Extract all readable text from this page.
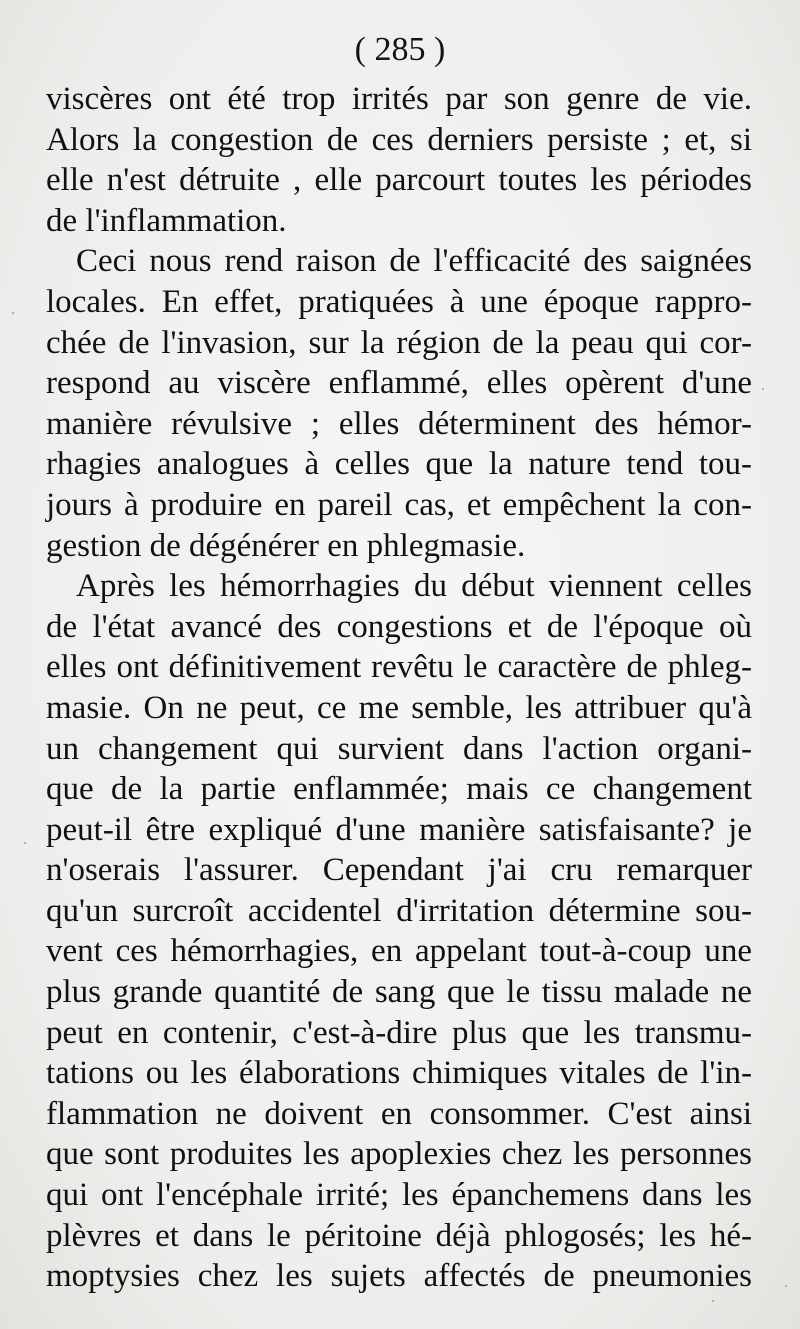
( 285 )
viscères ont été trop irrités par son genre de vie.
Alors la congestion de ces derniers persiste ; et, si
elle n'est détruite , elle parcourt toutes les périodes
de l'inflammation.
Ceci nous rend raison de l'efficacité des saignées
locales. En effet, pratiquées à une époque rappro-
chée de l'invasion, sur la région de la peau qui cor-
respond au viscère enflammé, elles opèrent d'une
manière révulsive ; elles déterminent des hémor-
rhagies analogues à celles que la nature tend tou-
jours à produire en pareil cas, et empêchent la con-
gestion de dégénérer en phlegmasie.
Après les hémorrhagies du début viennent celles
de l'état avancé des congestions et de l'époque où
elles ont définitivement revêtu le caractère de phleg-
masie. On ne peut, ce me semble, les attribuer qu'à
un changement qui survient dans l'action organi-
que de la partie enflammée; mais ce changement
peut-il être expliqué d'une manière satisfaisante? je
n'oserais l'assurer. Cependant j'ai cru remarquer
qu'un surcroît accidentel d'irritation détermine sou-
vent ces hémorrhagies, en appelant tout-à-coup une
plus grande quantité de sang que le tissu malade ne
peut en contenir, c'est-à-dire plus que les transmu-
tations ou les élaborations chimiques vitales de l'in-
flammation ne doivent en consommer. C'est ainsi
que sont produites les apoplexies chez les personnes
qui ont l'encéphale irrité; les épanchemens dans les
plèvres et dans le péritoine déjà phlogosés; les hé-
moptysies chez les sujets affectés de pneumonies
